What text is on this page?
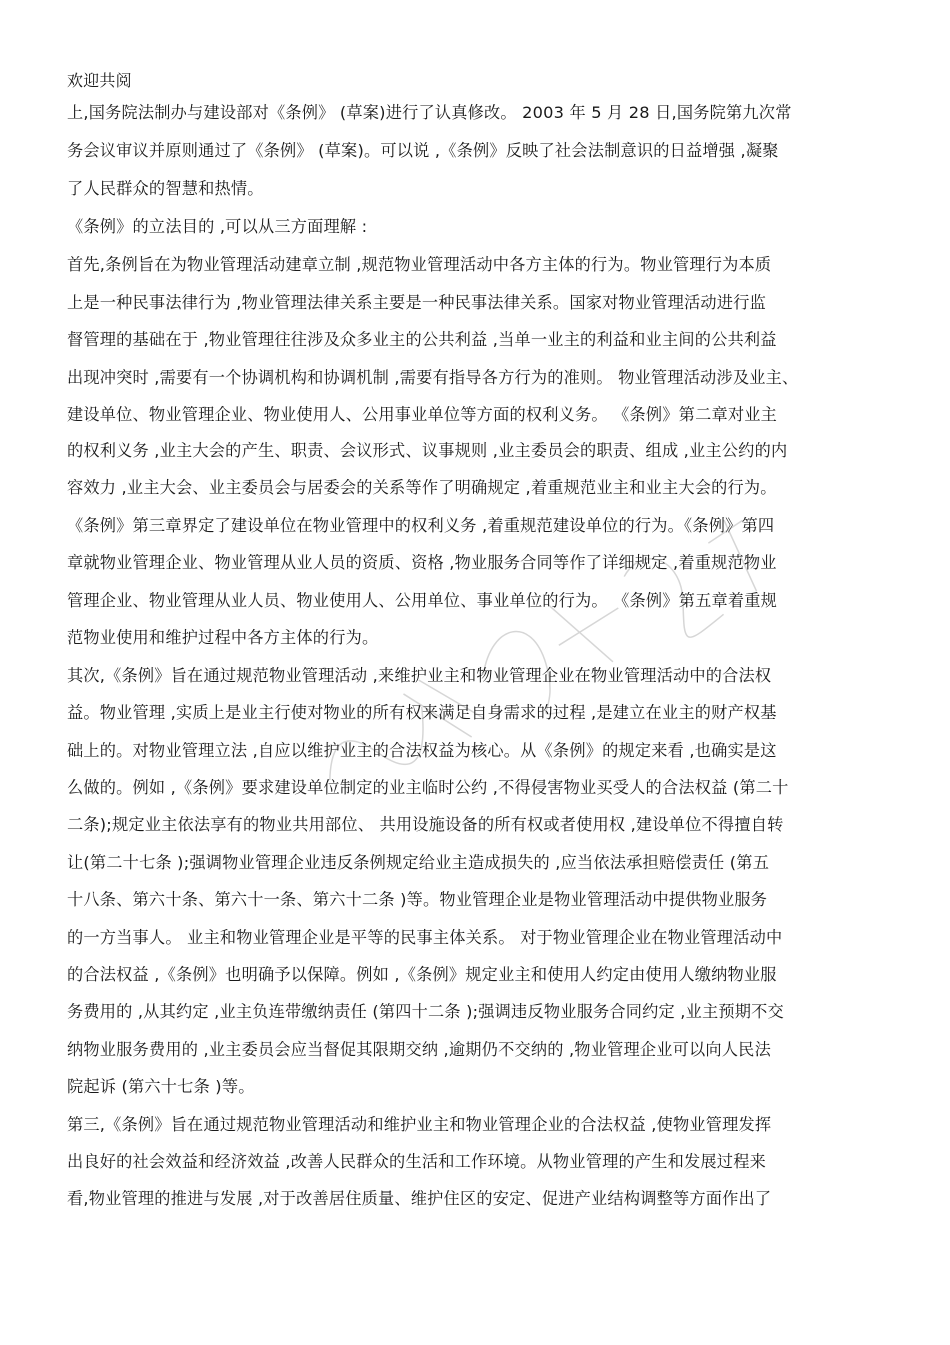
欢迎共阅
上,国务院法制办与建设部对《条例》 (草案)进行了认真修改。 2003 年 5 月 28 日,国务院第九次常
务会议审议并原则通过了《条例》 (草案)。可以说 ,《条例》反映了社会法制意识的日益增强 ,凝聚
了人民群众的智慧和热情。
《条例》的立法目的 ,可以从三方面理解 :
首先,条例旨在为物业管理活动建章立制 ,规范物业管理活动中各方主体的行为。物业管理行为本质
上是一种民事法律行为 ,物业管理法律关系主要是一种民事法律关系。国家对物业管理活动进行监
督管理的基础在于 ,物业管理往往涉及众多业主的公共利益 ,当单一业主的利益和业主间的公共利益
出现冲突时 ,需要有一个协调机构和协调机制 ,需要有指导各方行为的准则。 物业管理活动涉及业主、
建设单位、物业管理企业、物业使用人、公用事业单位等方面的权利义务。 《条例》第二章对业主
的权利义务 ,业主大会的产生、职责、会议形式、议事规则 ,业主委员会的职责、组成 ,业主公约的内
容效力 ,业主大会、业主委员会与居委会的关系等作了明确规定 ,着重规范业主和业主大会的行为。
《条例》第三章界定了建设单位在物业管理中的权利义务 ,着重规范建设单位的行为。《条例》第四
章就物业管理企业、物业管理从业人员的资质、资格 ,物业服务合同等作了详细规定 ,着重规范物业
管理企业、物业管理从业人员、物业使用人、公用单位、事业单位的行为。 《条例》第五章着重规
范物业使用和维护过程中各方主体的行为。
其次,《条例》旨在通过规范物业管理活动 ,来维护业主和物业管理企业在物业管理活动中的合法权
益。物业管理 ,实质上是业主行使对物业的所有权来满足自身需求的过程 ,是建立在业主的财产权基
础上的。对物业管理立法 ,自应以维护业主的合法权益为核心。从《条例》的规定来看 ,也确实是这
么做的。例如 ,《条例》要求建设单位制定的业主临时公约 ,不得侵害物业买受人的合法权益 (第二十
二条);规定业主依法享有的物业共用部位、 共用设施设备的所有权或者使用权 ,建设单位不得擅自转
让(第二十七条 );强调物业管理企业违反条例规定给业主造成损失的 ,应当依法承担赔偿责任 (第五
十八条、第六十条、第六十一条、第六十二条 )等。物业管理企业是物业管理活动中提供物业服务
的一方当事人。 业主和物业管理企业是平等的民事主体关系。 对于物业管理企业在物业管理活动中
的合法权益 ,《条例》也明确予以保障。例如 ,《条例》规定业主和使用人约定由使用人缴纳物业服
务费用的 ,从其约定 ,业主负连带缴纳责任 (第四十二条 );强调违反物业服务合同约定 ,业主预期不交
纳物业服务费用的 ,业主委员会应当督促其限期交纳 ,逾期仍不交纳的 ,物业管理企业可以向人民法
院起诉 (第六十七条 )等。
第三,《条例》旨在通过规范物业管理活动和维护业主和物业管理企业的合法权益 ,使物业管理发挥
出良好的社会效益和经济效益 ,改善人民群众的生活和工作环境。从物业管理的产生和发展过程来
看,物业管理的推进与发展 ,对于改善居住质量、维护住区的安定、促进产业结构调整等方面作出了
